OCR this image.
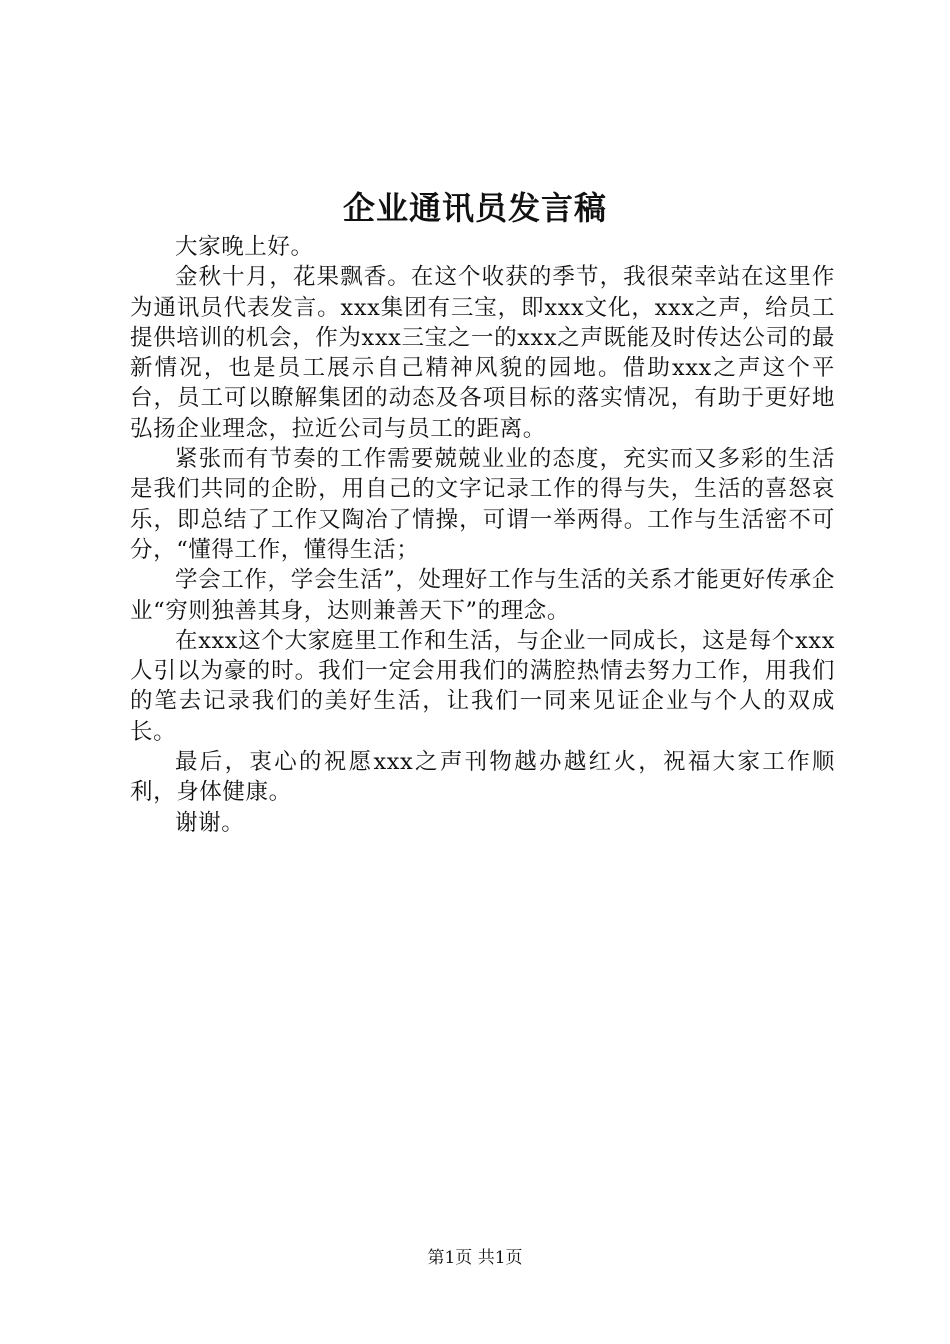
企业通讯员发言稿

大家晚上好。

金秋十月，花果飘香。在这个收获的季节，我很荣幸站在这里作为通讯员代表发言。xxx集团有三宝，即xxx文化，xxx之声，给员工提供培训的机会，作为xxx三宝之一的xxx之声既能及时传达公司的最新情况，也是员工展示自己精神风貌的园地。借助xxx之声这个平台，员工可以瞭解集团的动态及各项目标的落实情况，有助于更好地弘扬企业理念，拉近公司与员工的距离。

紧张而有节奏的工作需要兢兢业业的态度，充实而又多彩的生活是我们共同的企盼，用自己的文字记录工作的得与失，生活的喜怒哀乐，即总结了工作又陶冶了情操，可谓一举两得。工作与生活密不可分，“懂得工作，懂得生活；

学会工作，学会生活”，处理好工作与生活的关系才能更好传承企业“穷则独善其身，达则兼善天下”的理念。

在xxx这个大家庭里工作和生活，与企业一同成长，这是每个xxx人引以为豪的时。我们一定会用我们的满腔热情去努力工作，用我们的笔去记录我们的美好生活，让我们一同来见证企业与个人的双成长。

最后，衷心的祝愿xxx之声刊物越办越红火，祝福大家工作顺利，身体健康。

谢谢。

第1页 共1页
